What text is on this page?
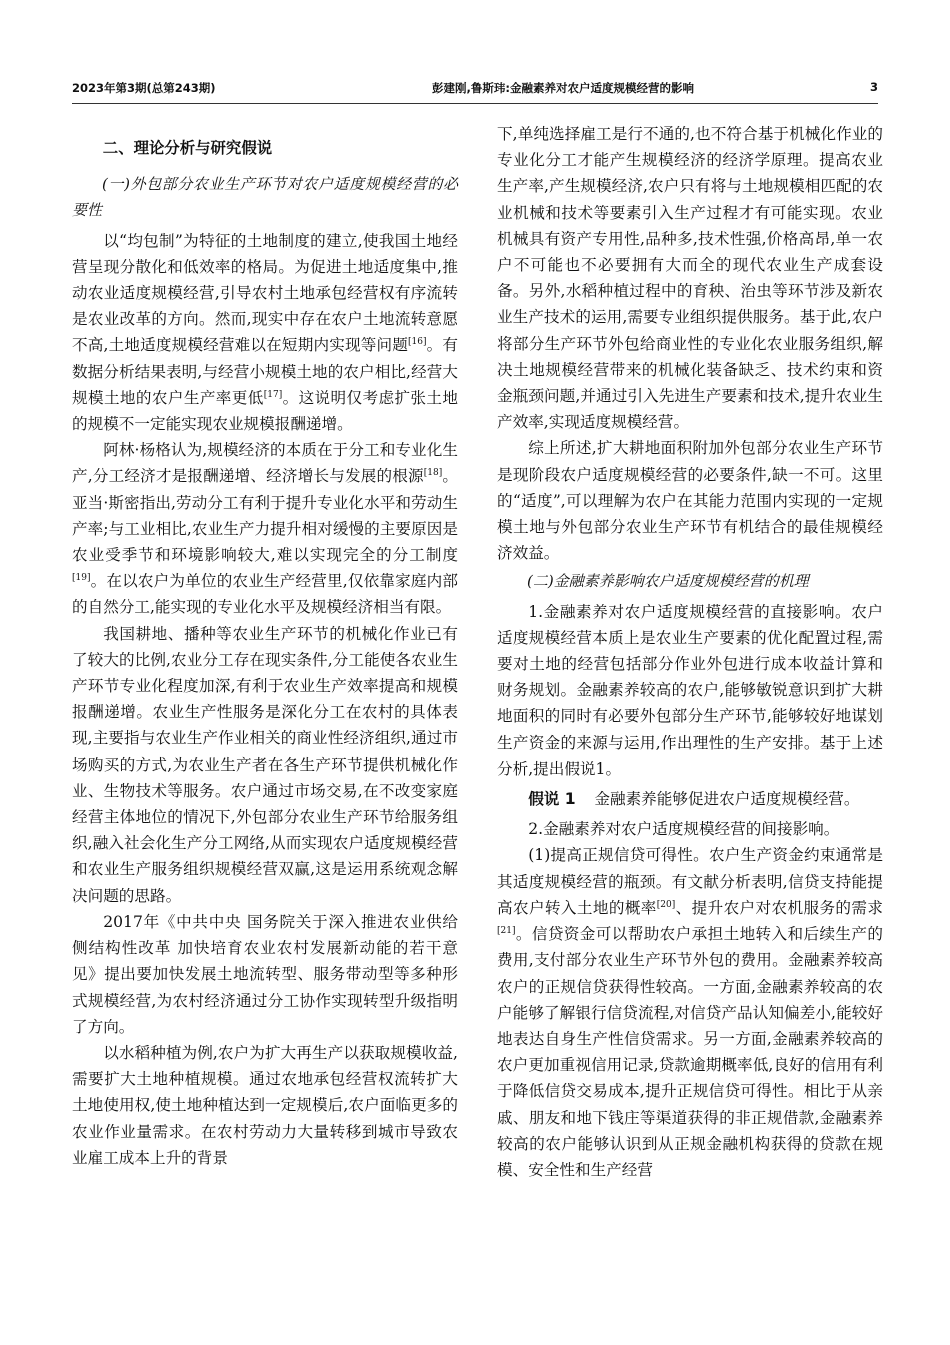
2023年第3期(总第243期)	彭建刚,鲁斯玮:金融素养对农户适度规模经营的影响	3
二、理论分析与研究假说
(一)外包部分农业生产环节对农户适度规模经营的必要性

以“均包制”为特征的土地制度的建立,使我国土地经营呈现分散化和低效率的格局。为促进土地适度集中,推动农业适度规模经营,引导农村土地承包经营权有序流转是农业改革的方向。然而,现实中存在农户土地流转意愿不高,土地适度规模经营难以在短期内实现等问题[16]。有数据分析结果表明,与经营小规模土地的农户相比,经营大规模土地的农户生产率更低[17]。这说明仅考虑扩张土地的规模不一定能实现农业规模报酬递增。

阿林·杨格认为,规模经济的本质在于分工和专业化生产,分工经济才是报酬递增、经济增长与发展的根源[18]。亚当·斯密指出,劳动分工有利于提升专业化水平和劳动生产率;与工业相比,农业生产力提升相对缓慢的主要原因是农业受季节和环境影响较大,难以实现完全的分工制度[19]。在以农户为单位的农业生产经营里,仅依靠家庭内部的自然分工,能实现的专业化水平及规模经济相当有限。

我国耕地、播种等农业生产环节的机械化作业已有了较大的比例,农业分工存在现实条件,分工能使各农业生产环节专业化程度加深,有利于农业生产效率提高和规模报酬递增。农业生产性服务是深化分工在农村的具体表现,主要指与农业生产作业相关的商业性经济组织,通过市场购买的方式,为农业生产者在各生产环节提供机械化作业、生物技术等服务。农户通过市场交易,在不改变家庭经营主体地位的情况下,外包部分农业生产环节给服务组织,融入社会化生产分工网络,从而实现农户适度规模经营和农业生产服务组织规模经营双赢,这是运用系统观念解决问题的思路。

2017年《中共中央 国务院关于深入推进农业供给侧结构性改革 加快培育农业农村发展新动能的若干意见》提出要加快发展土地流转型、服务带动型等多种形式规模经营,为农村经济通过分工协作实现转型升级指明了方向。

以水稻种植为例,农户为扩大再生产以获取规模收益,需要扩大土地种植规模。通过农地承包经营权流转扩大土地使用权,使土地种植达到一定规模后,农户面临更多的农业作业量需求。在农村劳动力大量转移到城市导致农业雇工成本上升的背景

下,单纯选择雇工是行不通的,也不符合基于机械化作业的专业化分工才能产生规模经济的经济学原理。提高农业生产率,产生规模经济,农户只有将与土地规模相匹配的农业机械和技术等要素引入生产过程才有可能实现。农业机械具有资产专用性,品种多,技术性强,价格高昂,单一农户不可能也不必要拥有大而全的现代农业生产成套设备。另外,水稻种植过程中的育秧、治虫等环节涉及新农业生产技术的运用,需要专业组织提供服务。基于此,农户将部分生产环节外包给商业性的专业化农业服务组织,解决土地规模经营带来的机械化装备缺乏、技术约束和资金瓶颈问题,并通过引入先进生产要素和技术,提升农业生产效率,实现适度规模经营。

综上所述,扩大耕地面积附加外包部分农业生产环节是现阶段农户适度规模经营的必要条件,缺一不可。这里的“适度”,可以理解为农户在其能力范围内实现的一定规模土地与外包部分农业生产环节有机结合的最佳规模经济效益。

(二)金融素养影响农户适度规模经营的机理

1.金融素养对农户适度规模经营的直接影响。农户适度规模经营本质上是农业生产要素的优化配置过程,需要对土地的经营包括部分作业外包进行成本收益计算和财务规划。金融素养较高的农户,能够敏锐意识到扩大耕地面积的同时有必要外包部分生产环节,能够较好地谋划生产资金的来源与运用,作出理性的生产安排。基于上述分析,提出假说1。

假说 1 金融素养能够促进农户适度规模经营。

2.金融素养对农户适度规模经营的间接影响。

(1)提高正规信贷可得性。农户生产资金约束通常是其适度规模经营的瓶颈。有文献分析表明,信贷支持能提高农户转入土地的概率[20]、提升农户对农机服务的需求[21]。信贷资金可以帮助农户承担土地转入和后续生产的费用,支付部分农业生产环节外包的费用。金融素养较高农户的正规信贷获得性较高。一方面,金融素养较高的农户能够了解银行信贷流程,对信贷产品认知偏差小,能较好地表达自身生产性信贷需求。另一方面,金融素养较高的农户更加重视信用记录,贷款逾期概率低,良好的信用有利于降低信贷交易成本,提升正规信贷可得性。相比于从亲戚、朋友和地下钱庄等渠道获得的非正规借款,金融素养较高的农户能够认识到从正规金融机构获得的贷款在规模、安全性和生产经营
